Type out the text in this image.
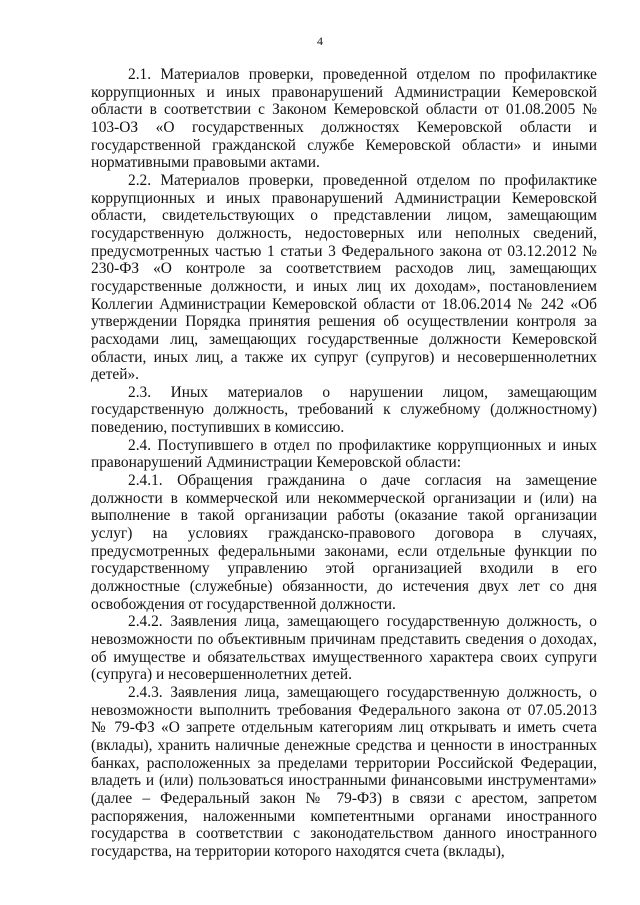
4

2.1. Материалов проверки, проведенной отделом по профилактике коррупционных и иных правонарушений Администрации Кемеровской области в соответствии с Законом Кемеровской области от 01.08.2005 № 103-ОЗ «О государственных должностях Кемеровской области и государственной гражданской службе Кемеровской области» и иными нормативными правовыми актами.

2.2. Материалов проверки, проведенной отделом по профилактике коррупционных и иных правонарушений Администрации Кемеровской области, свидетельствующих о представлении лицом, замещающим государственную должность, недостоверных или неполных сведений, предусмотренных частью 1 статьи 3 Федерального закона от 03.12.2012 № 230-ФЗ «О контроле за соответствием расходов лиц, замещающих государственные должности, и иных лиц их доходам», постановлением Коллегии Администрации Кемеровской области от 18.06.2014 № 242 «Об утверждении Порядка принятия решения об осуществлении контроля за расходами лиц, замещающих государственные должности Кемеровской области, иных лиц, а также их супруг (супругов) и несовершеннолетних детей».

2.3. Иных материалов о нарушении лицом, замещающим государственную должность, требований к служебному (должностному) поведению, поступивших в комиссию.

2.4. Поступившего в отдел по профилактике коррупционных и иных правонарушений Администрации Кемеровской области:

2.4.1. Обращения гражданина о даче согласия на замещение должности в коммерческой или некоммерческой организации и (или) на выполнение в такой организации работы (оказание такой организации услуг) на условиях гражданско-правового договора в случаях, предусмотренных федеральными законами, если отдельные функции по государственному управлению этой организацией входили в его должностные (служебные) обязанности, до истечения двух лет со дня освобождения от государственной должности.

2.4.2. Заявления лица, замещающего государственную должность, о невозможности по объективным причинам представить сведения о доходах, об имуществе и обязательствах имущественного характера своих супруги (супруга) и несовершеннолетних детей.

2.4.3. Заявления лица, замещающего государственную должность, о невозможности выполнить требования Федерального закона от 07.05.2013 № 79-ФЗ «О запрете отдельным категориям лиц открывать и иметь счета (вклады), хранить наличные денежные средства и ценности в иностранных банках, расположенных за пределами территории Российской Федерации, владеть и (или) пользоваться иностранными финансовыми инструментами» (далее – Федеральный закон № 79-ФЗ) в связи с арестом, запретом распоряжения, наложенными компетентными органами иностранного государства в соответствии с законодательством данного иностранного государства, на территории которого находятся счета (вклады),
